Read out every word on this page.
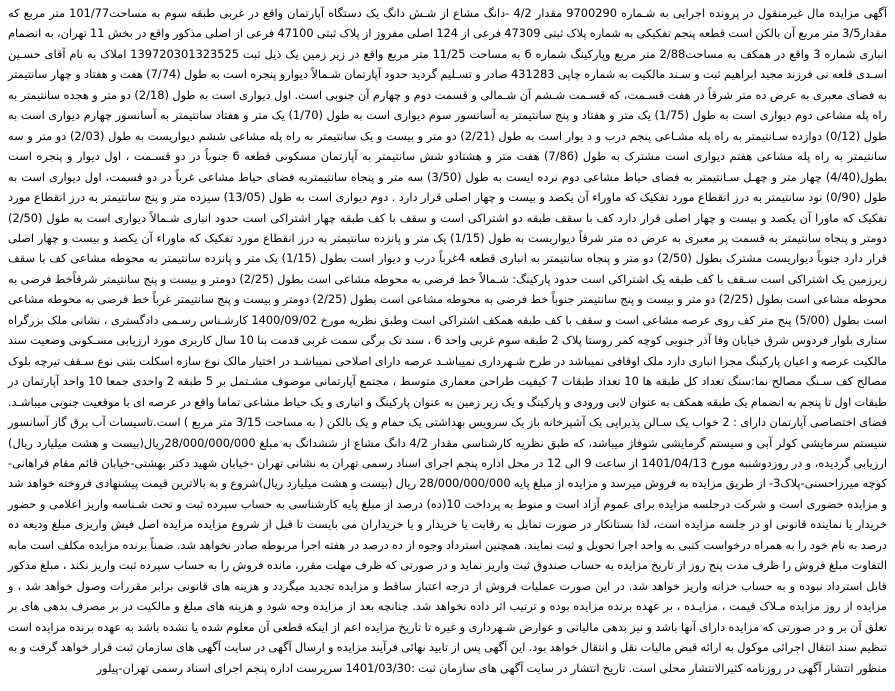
آگهی مزایده مال غیرمنقول در پرونده اجرایی به شـماره 9700290 مقدار 4/2 -دانگ مشاع از شـش دانگ یک دستگاه آپارتمان واقع در غربی طبقه سوم به مساحت101/77 متر مربع که مقدار3/5 متر مربع آن بالکن است قطعه پنجم تفکیکی به شماره پلاک ثبتی 47309 فرعی از 124 اصلی مفروز از پلاک ثبتی 47100 فرعی از اصلی مذکور واقع در بخش 11 تهران، به انضمام انباری شماره 3 واقع در همکف به مساحت2/88 متر مربع وپارکینگ شماره 6 به مساحت 11/25 متر مربع واقع در زیر زمین یک ذیل ثبت 139720301323525 املاک به نام آقای حسـین اسـدی قلعه نی فرزند مجید ابراهیم ثبت و سـند مالکیت به شماره چاپی 431283 صادر و تسـلیم گردید حدود آپارتمان شـمالاً دیوارو پنجره است به طول (7/74) هفت و هفتاد و چهار سانتیمتر به فضای معبری به عرض ده متر شرقاً در هفت قسـمت، که قسـمت شـشم آن شـمالی و قسمت دوم و چهارم آن جنوبی است. اول دیواری است به طول (2/18) دو متر و هجده سانتیمتر به راه پله مشاعی دوم دیواری است به طول (1/75) یک متر و هفتاد و پنج سانتیمتر به آسانسور سوم دیواری است به طول (1/70) یک متر و هفتاد سانتیمتر به آسانسور چهارم دیواری است به طول (0/12) دوازده سـانتیمتر به راه پله مشـاعی پنجم درب و د یوار است به طول (2/21) دو متر و بیست و یک سانتیمتر به راه پله مشاعی ششم دیواریست به طول (2/03) دو متر و سه سانتیمتر به راه پله مشاعی هفتم دیواری است مشترک به طول (7/86) هفت متر و هشتادو شش سانتیمتر به آپارتمان مسکونی قطعه 6 جنوباً در دو قسـمت ، اول دیوار و پنجره است بطول(4/40) چهار متر و چهـل سـانتیمتر به فضای حیاط مشاعی دوم نرده ایست به طول (3/50) سه متر و پنجاه سانتیمتربه فضای حیاط مشاعی غرباً در دو قسمت، اول دیواری است به طول (0/90) نود سانتیمتر به درز انقطاع مورد تفکیک که ماوراء آن یکصد و بیست و چهار اصلی قرار دارد . دوم دیواری است به طول (13/05) سیزده متر و پنج سانتیمتر به درز انقطاع مورد تفکیک که ماورا آن یکصد و بیست و چهار اصلی قرار دارد کف با سقف طبقه دو اشتراکی است و سقف با کف طبقه چهار اشتراکی است حدود انباری شـمالاً دیواری است به طول (2/50) دومتر و پنجاه سانتیمتر به قسمت پر معبری به عرض ده متر شرقاً دیواریست به طول (1/15) یک متر و پانزده سانتیمتر به درز انقطاع مورد تفکیک که ماوراء آن یکصد و بیست و چهار اصلی قرار دارد جنوباً دیواریست مشترک بطول (2/50) دو متر و پنجاه سانتیمتر به انباری قطعه 4غرباً درب و دیوار است بطول (1/15) یک متر و پانزده سانتیمتر به محوطه مشاعی کف با سقف زیرزمین یک اشتراکی است سـقف با کف طبقه یک اشتراکی است حدود پارکینگ: شـمالاً خط فرضی به محوطه مشاعی است بطول (2/25) دومتر و بیست و پنج سانتیمتر شرقاًخط فرضی به محوطه مشاعی است بطول (2/25) دو متر و بیست و پنج سانتیمتر جنوباً خط فرضی به محوطه مشاعی است بطول (2/25) دومتر و بیست و پنج سانتیمتر غرباً خط فرضی به محوطه مشاعی است بطول (5/00) پنج متر کف روی عرصه مشاعی است و سقف با کف طبقه همکف اشتراکی است وطبق نظریه مورخ 1400/09/02 کارشـناس رسـمی دادگستری ، نشانی ملک بزرگراه ستاری بلوار فردوس شرق خیابان وفا آذر جنوبی کوچه کمر روستا پلاک 2 طبقه سوم غربی واحد 6 ، سند تک برگی سمت غربی قدمت بنا 10 سال کاربری مورد ارزیابی مسـکونی وضعیت سند مالکیت عرصه و اعیان پارکینگ مجزا انباری دارد ملک اوقافی نمیباشد در طرح شـهرداری نمیباشـد عرصه دارای اصلاحی نمیباشـد در اختیار مالک نوع سازه اسکلت بتنی نوع سـقف تیرچه بلوک مصالح کف سـنگ مصالح نما:سنگ تعداد کل طبقه ها 10 تعداد طبقات 7 کیفیت طراحی معماری متوسط ، مجتمع آپارتمانی موصوف مشـتمل بر 5 طبقه 2 واحدی جمعا 10 واحد آپارتمان در طبقات اول تا پنجم به انضمام یک طبقه همکف به عنوان لابی ورودی و پارکینگ و یک زیر زمین به عنوان پارکینگ و انباری و یک حیاط مشاعی تماما واقع در عرصه ای با موقعیت جنوبی میباشـد. فضای اختصاصی آپارتمان دارای : 2 خواب یک سـالن پذیرایی یک آشپزخانه باز یک سرویس بهداشتی یک حمام و یک بالکن ( به مساحت 3/15 متر مربع ) است.تاسیسات آب برق گاز آسانسور سیستم سرمایشی کولر آبی و سیستم گرمایشی شوفاژ میباشد، که طبق نظریه کارشناسی مقدار 4/2 دانگ مشاع از ششدانگ به مبلغ 28/000/000/000ریال(بیست و هشت میلیارد ریال) ارزیابی گردیده، و در روزدوشنبه مورخ 1401/04/13 از ساعت 9 الی 12 در محل اداره پنجم اجرای اسناد رسمی تهران به نشانی تهران -خیابان شهید دکتر بهشتی-خیابان قائم مقام فراهانی-کوچه میرزاحسنی-پلاک3- از طریق مزایده به فروش میرسد و مزایده از مبلغ پایه 28/000/000/000 ریال (بیست و هشت میلیارد ریال)شروع و به بالاترین قیمت پیشنهادی فروخته خواهد شد و مزایده حضوری است و شرکت درجلسه مزایده برای عموم آزاد است و منوط به پرداخت 10(ده) درصد از مبلغ پایه کارشناسی به حساب سپرده ثبت و تحت شـناسه واریز اعلامی و حضور خریدار یا نماینده قانونی او در جلسه مزایده است، لذا بستانکار در صورت تمایل به رقابت یا خریدار و یا خریداران می بایست تا قبل از شروع مزایده مزایده اصل فیش واریزی مبلغ ودیعه ده درصد به نام خود را به همراه درخواست کتبی به واحد اجرا تحویل و ثبت نمایند. همچنین استرداد وجوه از ده درصد در هفته اجرا مربوطه صادر نخواهد شد. ضمناً برنده مزایده مکلف است مابه التفاوت مبلغ فروش را ظرف مدت پنج روز از تاریخ مزایده به حساب صندوق ثبت واریز نماید و در صورتی که ظرف مهلت مقرر، مانده فروش را به حساب سپرده ثبت واریز نکند ، مبلغ مذکور قابل استرداد نبوده و به حساب خزانه واریز خواهد شد. در این صورت عملیات فروش از درجه اعتبار ساقط و مزایده تجدید میگردد و هزینه های قانونی برابر مقررات وصول خواهد شد ، و مزایده از روز مزایده مـلاک قیمت ، مزایـده ، بر عهده برنده مزایده بوده و ترتیب اثر داده نخواهد شد. چنانچه بعد از مزایده وجه شود و هزینه های مبلغ و مالکیت در بر مصرف بدهی های بر تعلق آن بر و در صورتی که مزایده دارای آنها باشد و نیز بدهی مالیاتی و عوارض شـهرداری و غیره تا تاریخ مزایده اعم از اینکه قطعی آن معلوم شده یا نشده باشد به عهده برنده مزایده است تنظیم سند انتقال اجرائی موکول به ارائه قبض مالیات نقل و انتقال خواهد بود. این آگهی پس از تایید نهائی فرآیند مزایده و ارسال آگهی در سایت آگهی های سازمان ثبت قرار خواهد گرفت و به منظور انتشار آگهی در روزنامه کثیرالانتشار محلی است. تاریخ انتشار در سایت آگهی های سازمان ثبت :1401/03/30 سرپرست اداره پنجم اجرای اسناد رسمی تهران-پیلور
